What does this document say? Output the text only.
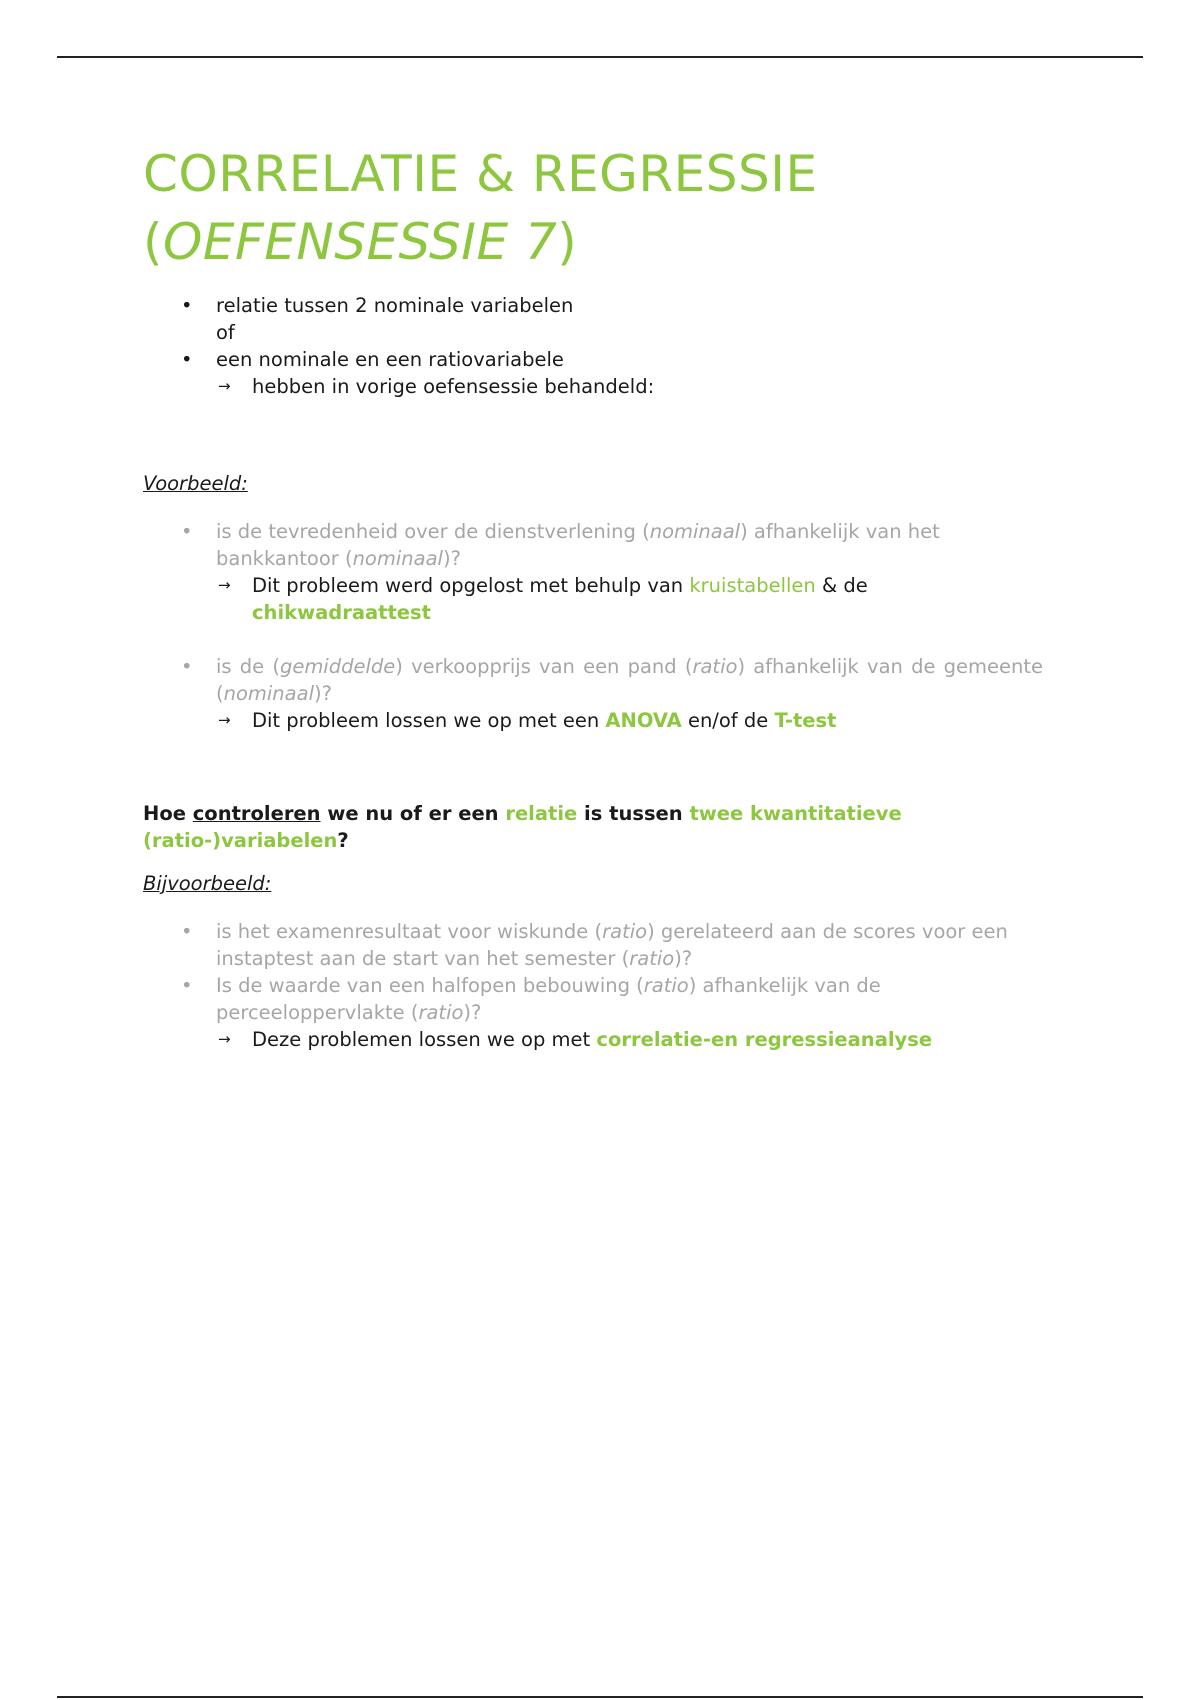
CORRELATIE & REGRESSIE
(OEFENSESSIE 7)
• relatie tussen 2 nominale variabelen
of
• een nominale en een ratiovariabele
→ hebben in vorige oefensessie behandeld:
Voorbeeld:
• is de tevredenheid over de dienstverlening (nominaal) afhankelijk van het bankkantoor (nominaal)?
→ Dit probleem werd opgelost met behulp van kruistabellen & de chikwadraattest
• is de (gemiddelde) verkoopprijs van een pand (ratio) afhankelijk van de gemeente (nominaal)?
→ Dit probleem lossen we op met een ANOVA en/of de T-test
Hoe controleren we nu of er een relatie is tussen twee kwantitatieve (ratio-)variabelen?
Bijvoorbeeld:
• is het examenresultaat voor wiskunde (ratio) gerelateerd aan de scores voor een instaptest aan de start van het semester (ratio)?
• Is de waarde van een halfopen bebouwing (ratio) afhankelijk van de perceeloppervlakte (ratio)?
→ Deze problemen lossen we op met correlatie-en regressieanalyse
